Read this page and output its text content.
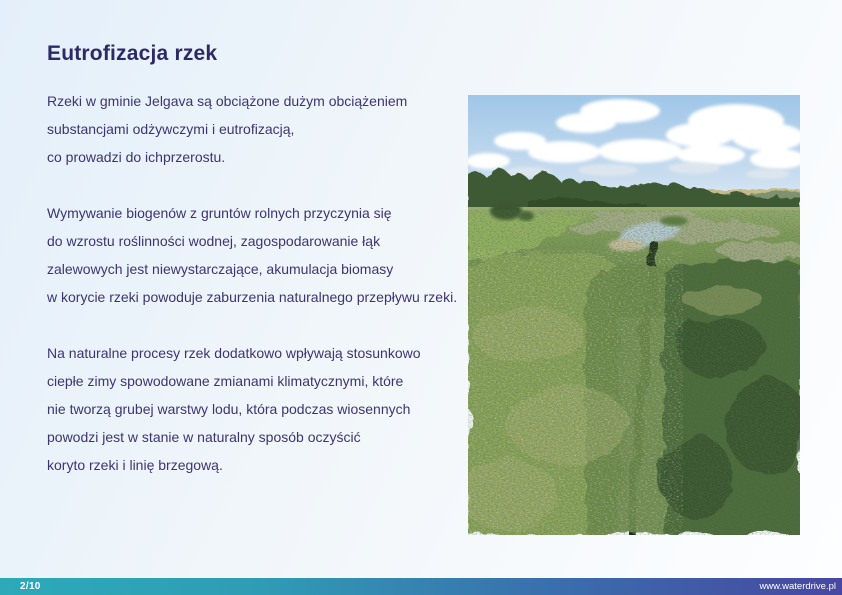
Eutrofizacja rzek

Rzeki w gminie Jelgava są obciążone dużym obciążeniem
substancjami odżywczymi i eutrofizacją,
co prowadzi do ichprzerostu.

Wymywanie biogenów z gruntów rolnych przyczynia się
do wzrostu roślinności wodnej, zagospodarowanie łąk
zalewowych jest niewystarczające, akumulacja biomasy
w korycie rzeki powoduje zaburzenia naturalnego przepływu rzeki.

Na naturalne procesy rzek dodatkowo wpływają stosunkowo
ciepłe zimy spowodowane zmianami klimatycznymi, które
nie tworzą grubej warstwy lodu, która podczas wiosennych
powodzi jest w stanie w naturalny sposób oczyścić
koryto rzeki i linię brzegową.

2/10	www.waterdrive.pl
